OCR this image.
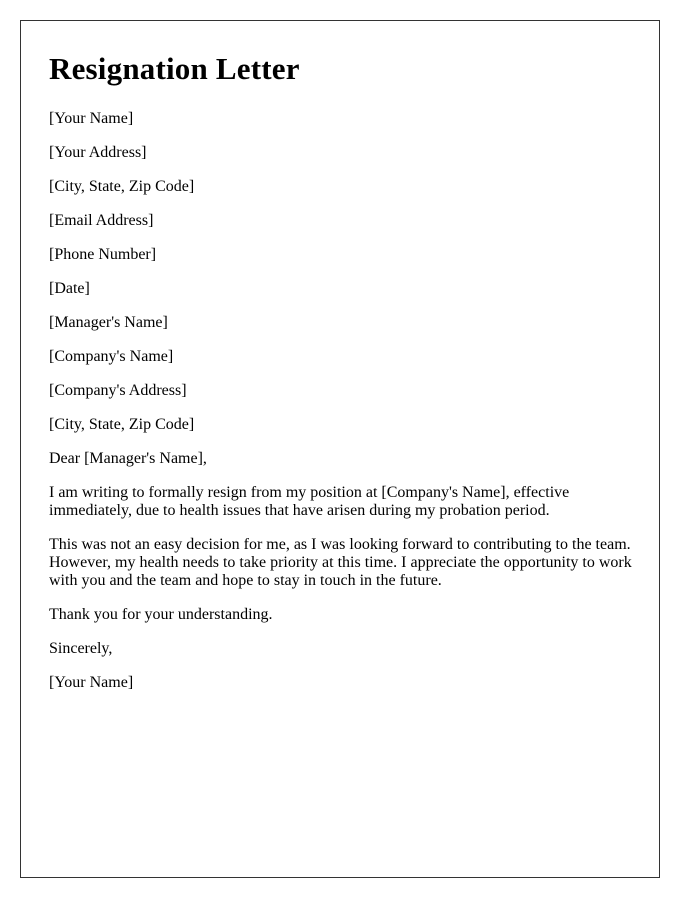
Resignation Letter

[Your Name]

[Your Address]

[City, State, Zip Code]

[Email Address]

[Phone Number]

[Date]

[Manager's Name]

[Company's Name]

[Company's Address]

[City, State, Zip Code]

Dear [Manager's Name],

I am writing to formally resign from my position at [Company's Name], effective immediately, due to health issues that have arisen during my probation period.

This was not an easy decision for me, as I was looking forward to contributing to the team. However, my health needs to take priority at this time. I appreciate the opportunity to work with you and the team and hope to stay in touch in the future.

Thank you for your understanding.

Sincerely,

[Your Name]
